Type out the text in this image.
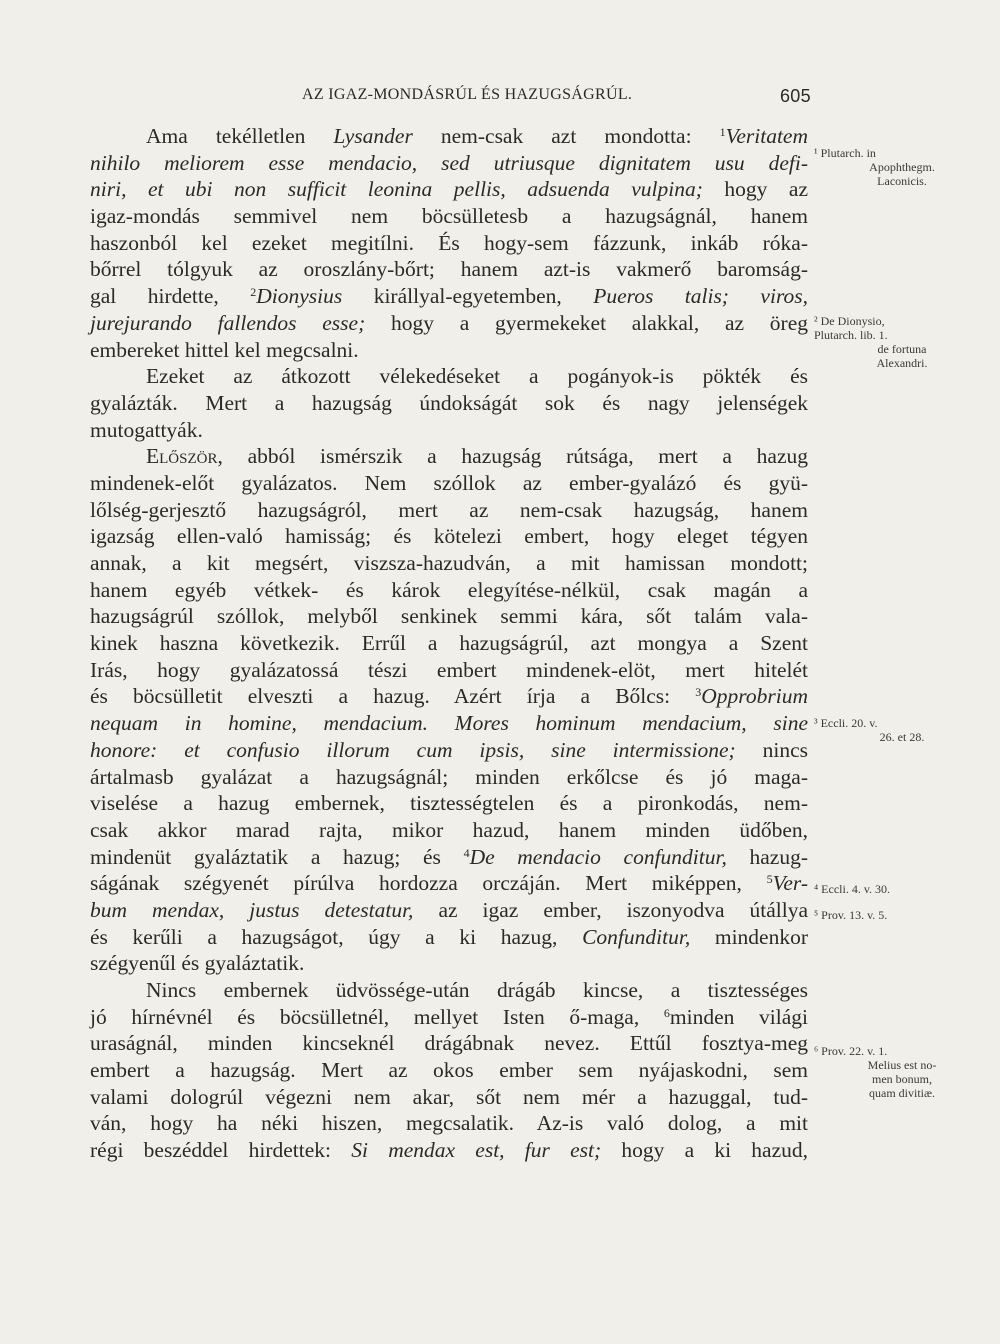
AZ IGAZ-MONDÁSRÚL ÉS HAZUGSÁGRÚL.	605
Ama tekélletlen Lysander nem-csak azt mondotta: $^1$Veritatem
nihilo meliorem esse mendacio, sed utriusque dignitatem usu defi-
niri, et ubi non sufficit leonina pellis, adsuenda vulpina; hogy az
igaz-mondás semmivel nem böcsülletesb a hazugságnál, hanem
haszonból kel ezeket megitílni. És hogy-sem fázzunk, inkáb róka-
bőrrel tólgyuk az oroszlány-bőrt; hanem azt-is vakmerő baromság-
gal hirdette, $^2$Dionysius királlyal-egyetemben, Pueros talis; viros,
jurejurando fallendos esse; hogy a gyermekeket alakkal, az öreg
embereket hittel kel megcsalni.
Ezeket az átkozott vélekedéseket a pogányok-is pökték és
gyalázták. Mert a hazugság úndokságát sok és nagy jelenségek
mutogattyák.
Először, abból ismérszik a hazugság rútsága, mert a hazug
mindenek-előt gyalázatos. Nem szóllok az ember-gyalázó és gyü-
lőlség-gerjesztő hazugságról, mert az nem-csak hazugság, hanem
igazság ellen-való hamisság; és kötelezi embert, hogy eleget tégyen
annak, a kit megsért, viszsza-hazudván, a mit hamissan mondott;
hanem egyéb vétkek- és károk elegyítése-nélkül, csak magán a
hazugságrúl szóllok, melyből senkinek semmi kára, sőt talám vala-
kinek haszna következik. Errűl a hazugságrúl, azt mongya a Szent
Irás, hogy gyalázatossá tészi embert mindenek-elöt, mert hitelét
és böcsülletit elveszti a hazug. Azért írja a Bőlcs: $^3$Opprobrium
nequam in homine, mendacium. Mores hominum mendacium, sine
honore: et confusio illorum cum ipsis, sine intermissione; nincs
ártalmasb gyalázat a hazugságnál; minden erkőlcse és jó maga-
viselése a hazug embernek, tisztességtelen és a pironkodás, nem-
csak akkor marad rajta, mikor hazud, hanem minden üdőben,
mindenüt gyaláztatik a hazug; és $^4$De mendacio confunditur, hazug-
ságának szégyenét pírúlva hordozza orczáján. Mert miképpen, $^5$Ver-
bum mendax, justus detestatur, az igaz ember, iszonyodva útállya
és kerűli a hazugságot, úgy a ki hazug, Confunditur, mindenkor
szégyenűl és gyaláztatik.
Nincs embernek üdvössége-után drágáb kincse, a tisztességes
jó hírnévnél és böcsülletnél, mellyet Isten ő-maga, $^6$minden világi
uraságnál, minden kincseknél drágábnak nevez. Ettűl fosztya-meg
embert a hazugság. Mert az okos ember sem nyájaskodni, sem
valami dologrúl végezni nem akar, sőt nem mér a hazuggal, tud-
ván, hogy ha néki hiszen, megcsalatik. Az-is való dolog, a mit
régi beszéddel hirdettek: Si mendax est, fur est; hogy a ki hazud,
¹ Plutarch. in
Apophthegm.
Laconicis.
² De Dionysio,
Plutarch. lib. 1.
de fortuna
Alexandri.
³ Eccli. 20. v.
26. et 28.
⁴ Eccli. 4. v. 30.
⁵ Prov. 13. v. 5.
⁶ Prov. 22. v. 1.
Melius est no-
men bonum,
quam divitiæ.
